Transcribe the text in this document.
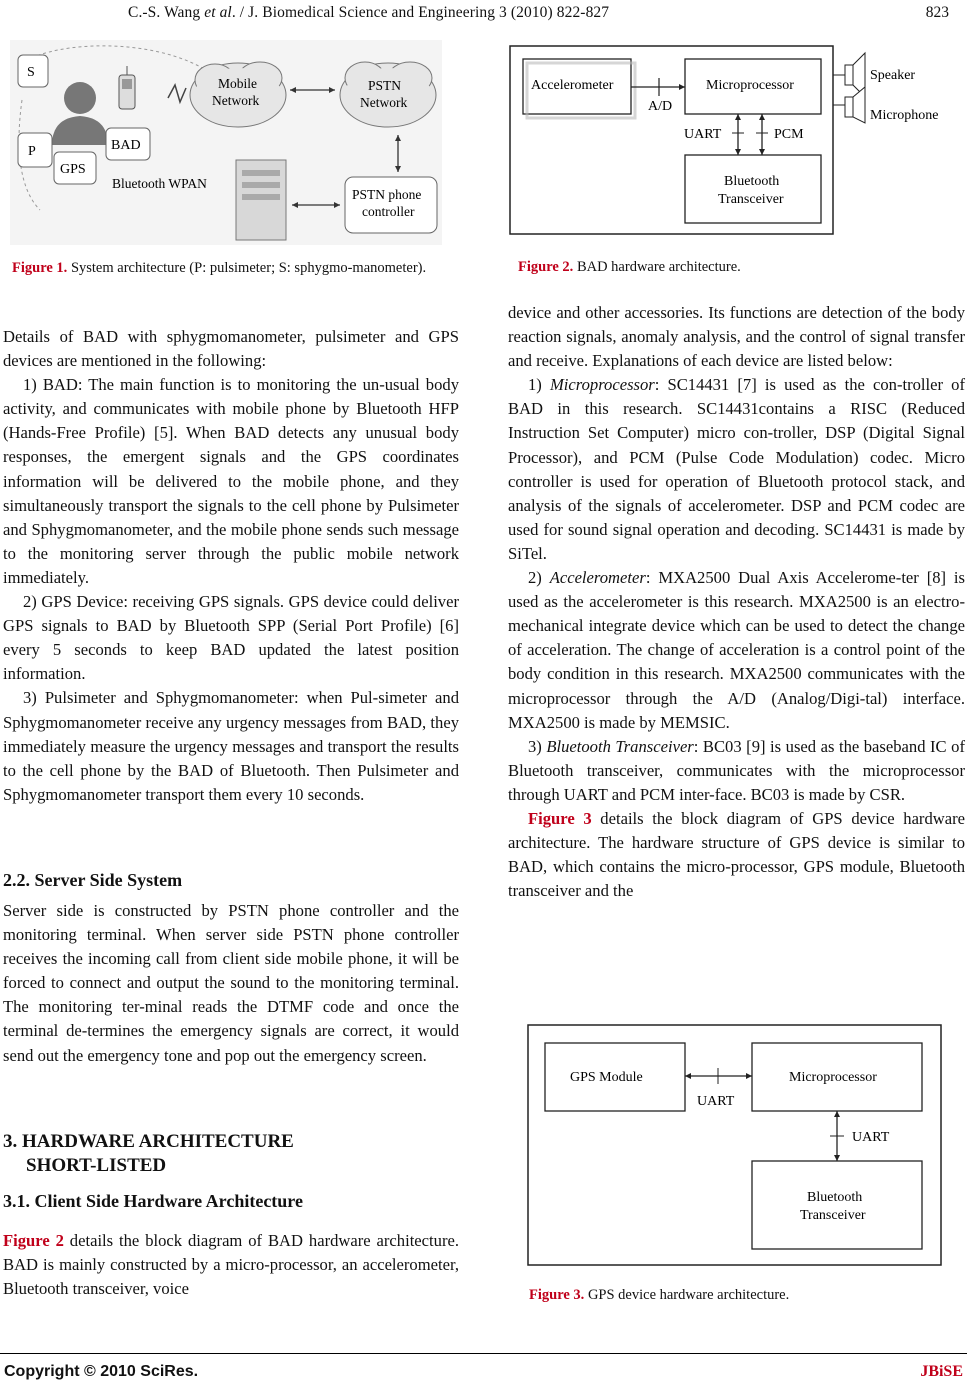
C.-S. Wang et al. / J. Biomedical Science and Engineering 3 (2010) 822-827	823
S
P
GPS
BAD
Bluetooth WPAN
Mobile
Network
PSTN
Network
PSTN phone
controller
Figure 1. System architecture (P: pulsimeter; S: sphygmo-manometer).
Accelerometer	Microprocessor
A/D
Bluetooth
Transceiver
UART	PCM
Speaker
Microphone
Figure 2. BAD hardware architecture.
GPS Module	Microprocessor
UART
Bluetooth
Transceiver
UART
Figure 3. GPS device hardware architecture.

Details of BAD with sphygmomanometer, pulsimeter and GPS devices are mentioned in the following:

1) BAD: The main function is to monitoring the un-usual body activity, and communicates with mobile phone by Bluetooth HFP (Hands-Free Profile) [5]. When BAD detects any unusual body responses, the emergent signals and the GPS coordinates information will be delivered to the mobile phone, and they simultaneously transport the signals to the cell phone by Pulsimeter and Sphygmomanometer, and the mobile phone sends such message to the monitoring server through the public mobile network immediately.

2) GPS Device: receiving GPS signals. GPS device could deliver GPS signals to BAD by Bluetooth SPP (Serial Port Profile) [6] every 5 seconds to keep BAD updated the latest position information.

3) Pulsimeter and Sphygmomanometer: when Pul-simeter and Sphygmomanometer receive any urgency messages from BAD, they immediately measure the urgency messages and transport the results to the cell phone by the BAD of Bluetooth. Then Pulsimeter and Sphygmomanometer transport them every 10 seconds.

2.2. Server Side System

Server side is constructed by PSTN phone controller and the monitoring terminal. When server side PSTN phone controller receives the incoming call from client side mobile phone, it will be forced to connect and output the sound to the monitoring terminal. The monitoring ter-minal reads the DTMF code and once the terminal de-termines the emergency signals are correct, it would send out the emergency tone and pop out the emergency screen.

3. HARDWARE ARCHITECTURE
SHORT-LISTED
3.1. Client Side Hardware Architecture

Figure 2 details the block diagram of BAD hardware architecture. BAD is mainly constructed by a micro-processor, an accelerometer, Bluetooth transceiver, voice

device and other accessories. Its functions are detection of the body reaction signals, anomaly analysis, and the control of signal transfer and receive. Explanations of each device are listed below:

1) Microprocessor: SC14431 [7] is used as the con-troller of BAD in this research. SC14431contains a RISC (Reduced Instruction Set Computer) micro con-troller, DSP (Digital Signal Processor), and PCM (Pulse Code Modulation) codec. Micro controller is used for operation of Bluetooth protocol stack, and analysis of the signals of accelerometer. DSP and PCM codec are used for sound signal operation and decoding. SC14431 is made by SiTel.

2) Accelerometer: MXA2500 Dual Axis Accelerome-ter [8] is used as the accelerometer is this research. MXA2500 is an electro-mechanical integrate device which can be used to detect the change of acceleration. The change of acceleration is a control point of the body condition in this research. MXA2500 communicates with the microprocessor through the A/D (Analog/Digi-tal) interface. MXA2500 is made by MEMSIC.

3) Bluetooth Transceiver: BC03 [9] is used as the baseband IC of Bluetooth transceiver, communicates with the microprocessor through UART and PCM inter-face. BC03 is made by CSR.

Figure 3 details the block diagram of GPS device hardware architecture. The hardware structure of GPS device is similar to BAD, which contains the micro-processor, GPS module, Bluetooth transceiver and the

Copyright © 2010 SciRes.	JBiSE
